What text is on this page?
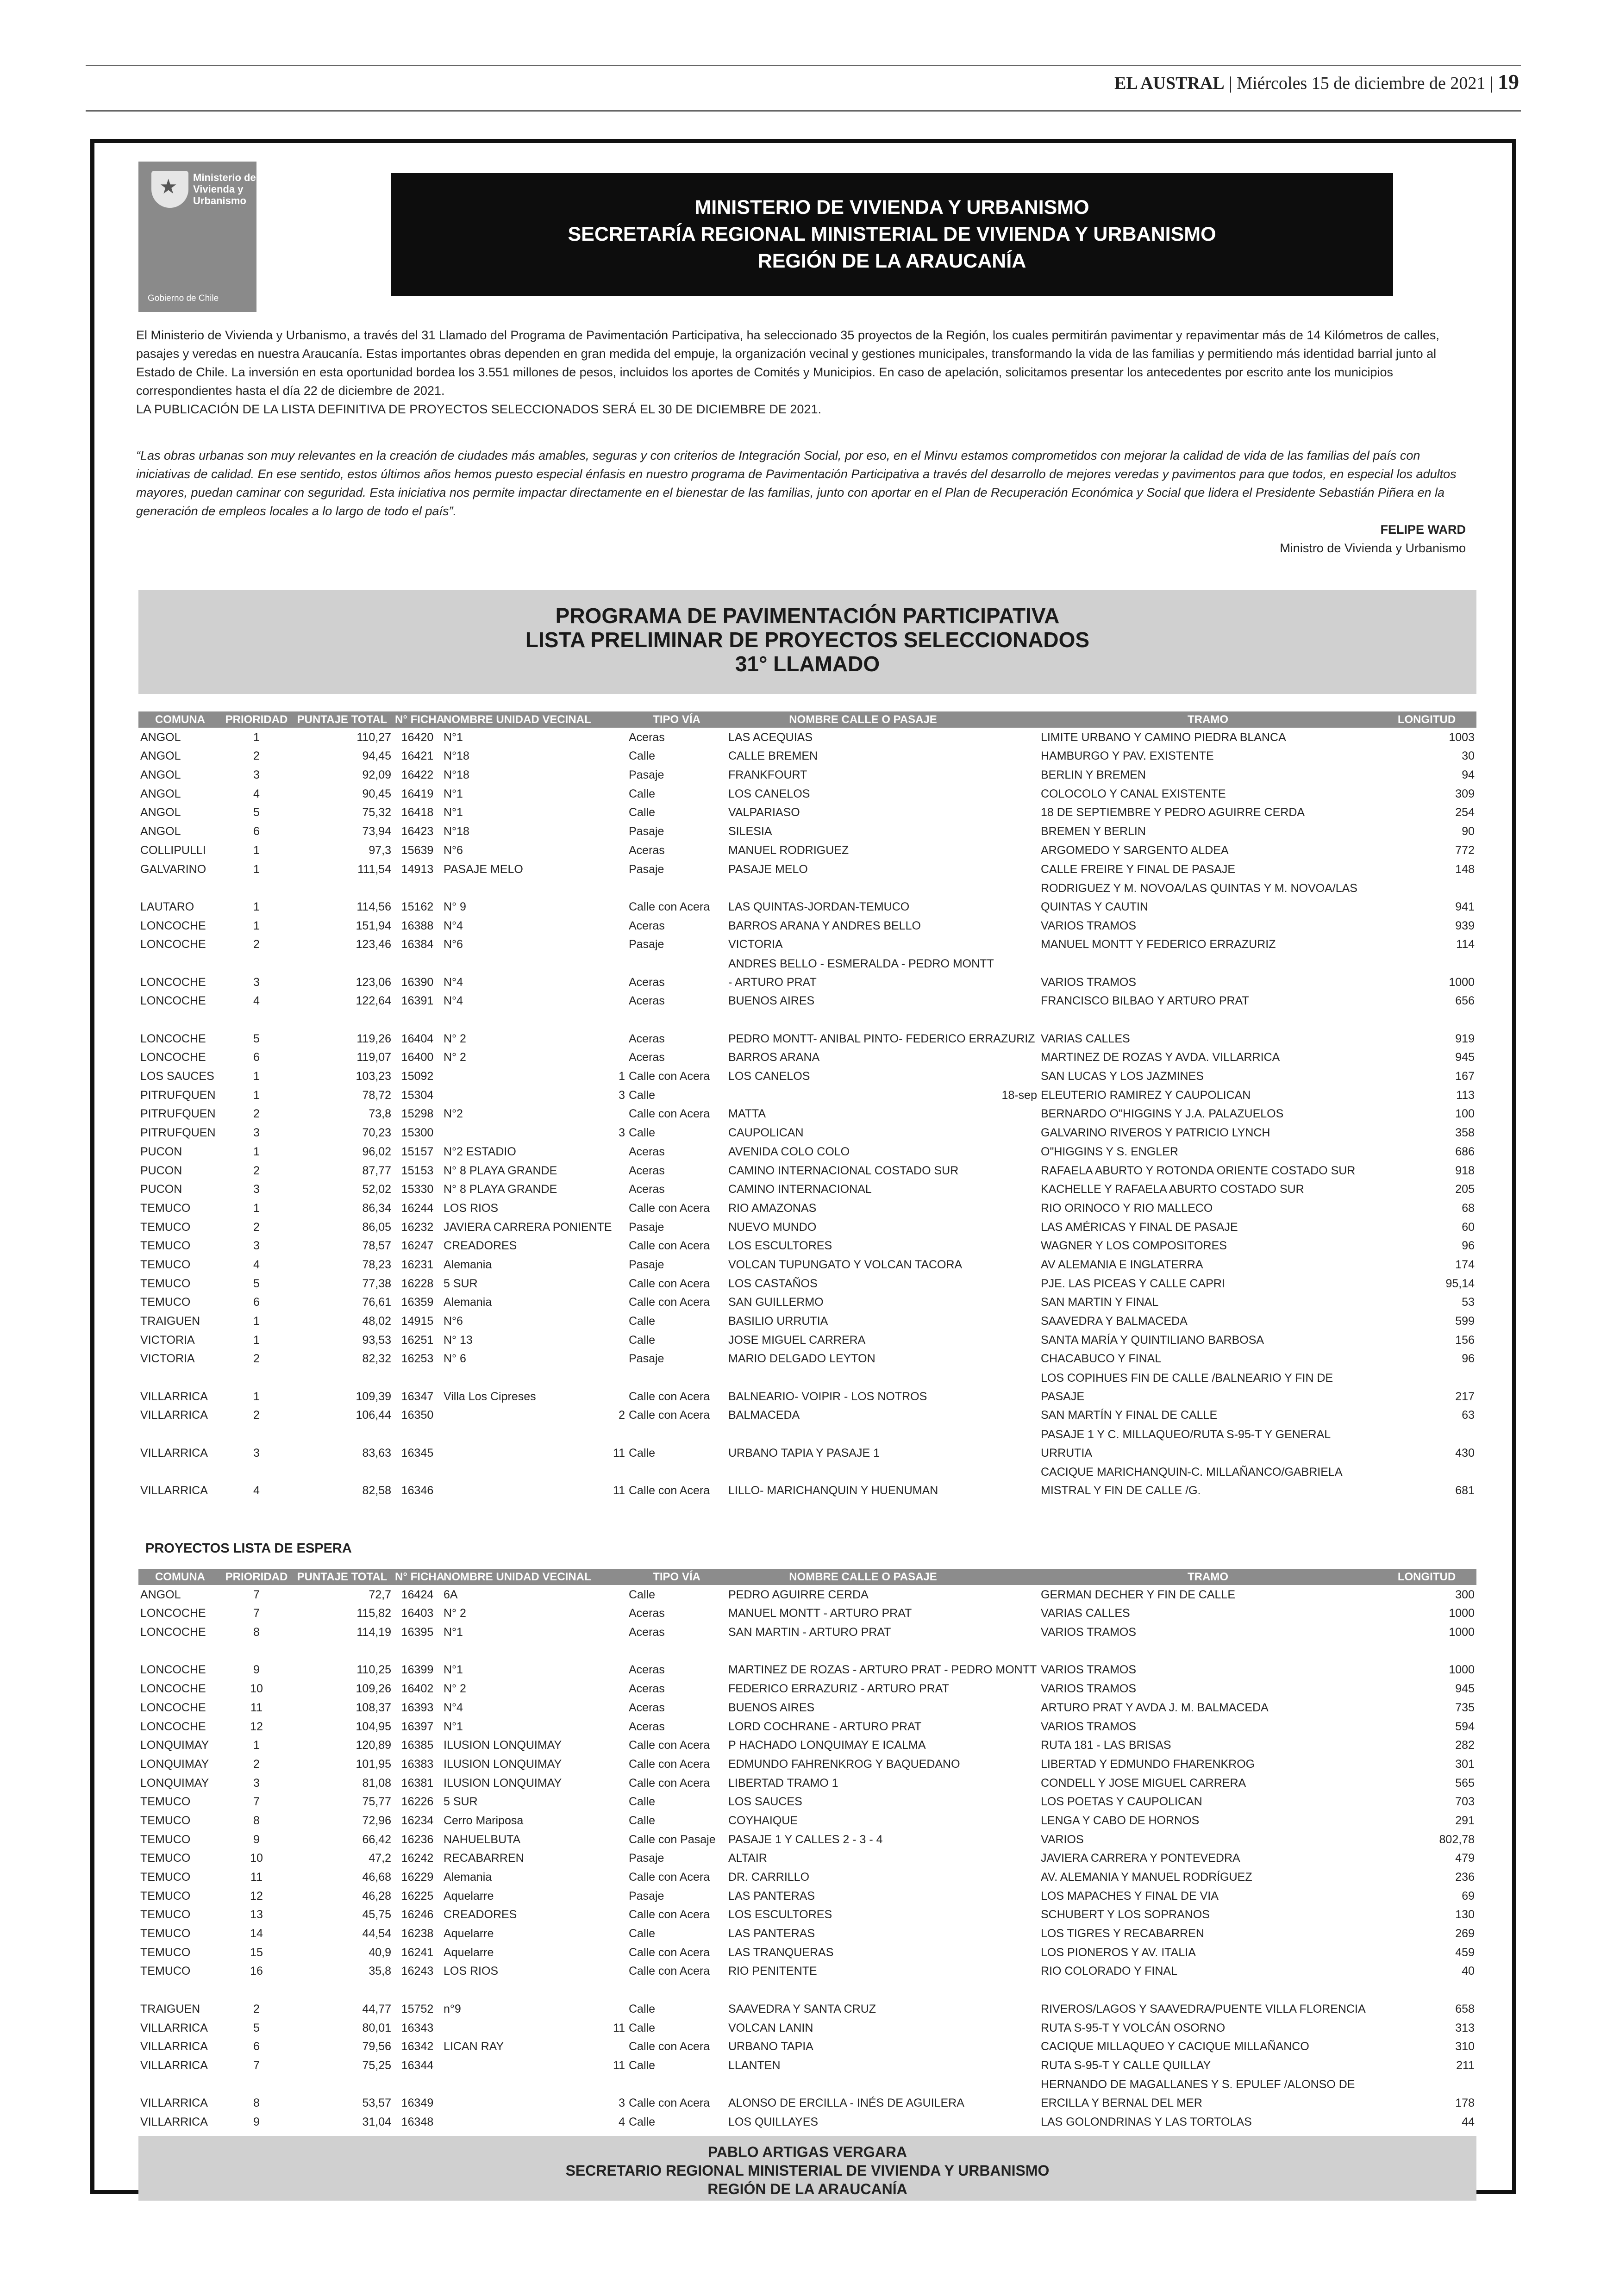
EL AUSTRAL | Miércoles 15 de diciembre de 2021 | 19
★ Ministerio de
Vivienda y
Urbanismo
Gobierno de Chile
MINISTERIO DE VIVIENDA Y URBANISMO
SECRETARÍA REGIONAL MINISTERIAL DE VIVIENDA Y URBANISMO
REGIÓN DE LA ARAUCANÍA
El Ministerio de Vivienda y Urbanismo, a través del 31 Llamado del Programa de Pavimentación Participativa, ha seleccionado 35 proyectos de la Región, los cuales permitirán pavimentar y repavimentar más de 14 Kilómetros de calles, pasajes y veredas en nuestra Araucanía. Estas importantes obras dependen en gran medida del empuje, la organización vecinal y gestiones municipales, transformando la vida de las familias y permitiendo más identidad barrial junto al Estado de Chile. La inversión en esta oportunidad bordea los 3.551 millones de pesos, incluidos los aportes de Comités y Municipios. En caso de apelación, solicitamos presentar los antecedentes por escrito ante los municipios correspondientes hasta el día 22 de diciembre de 2021.
LA PUBLICACIÓN DE LA LISTA DEFINITIVA DE PROYECTOS SELECCIONADOS SERÁ EL 30 DE DICIEMBRE DE 2021.
“Las obras urbanas son muy relevantes en la creación de ciudades más amables, seguras y con criterios de Integración Social, por eso, en el Minvu estamos comprometidos con mejorar la calidad de vida de las familias del país con iniciativas de calidad. En ese sentido, estos últimos años hemos puesto especial énfasis en nuestro programa de Pavimentación Participativa a través del desarrollo de mejores veredas y pavimentos para que todos, en especial los adultos mayores, puedan caminar con seguridad. Esta iniciativa nos permite impactar directamente en el bienestar de las familias, junto con aportar en el Plan de Recuperación Económica y Social que lidera el Presidente Sebastián Piñera en la generación de empleos locales a lo largo de todo el país”.
FELIPE WARD
Ministro de Vivienda y Urbanismo
PROGRAMA DE PAVIMENTACIÓN PARTICIPATIVA
LISTA PRELIMINAR DE PROYECTOS SELECCIONADOS
31° LLAMADO
COMUNA	PRIORIDAD	PUNTAJE TOTAL	N° FICHA	NOMBRE UNIDAD VECINAL		TIPO VÍA	NOMBRE CALLE O PASAJE		TRAMO	LONGITUD
ANGOL	1	110,27	16420	N°1		Aceras	LAS ACEQUIAS		LIMITE URBANO Y CAMINO PIEDRA BLANCA	1003
ANGOL	2	94,45	16421	N°18		Calle	CALLE BREMEN		HAMBURGO Y PAV. EXISTENTE	30
ANGOL	3	92,09	16422	N°18		Pasaje	FRANKFOURT		BERLIN Y BREMEN	94
ANGOL	4	90,45	16419	N°1		Calle	LOS CANELOS		COLOCOLO Y CANAL EXISTENTE	309
ANGOL	5	75,32	16418	N°1		Calle	VALPARIASO		18 DE SEPTIEMBRE Y PEDRO AGUIRRE CERDA	254
ANGOL	6	73,94	16423	N°18		Pasaje	SILESIA		BREMEN Y BERLIN	90
COLLIPULLI	1	97,3	15639	N°6		Aceras	MANUEL RODRIGUEZ		ARGOMEDO Y SARGENTO ALDEA	772
GALVARINO	1	111,54	14913	PASAJE MELO		Pasaje	PASAJE MELO		CALLE FREIRE Y FINAL DE PASAJE	148
LAUTARO	1	114,56	15162	N° 9		Calle con Acera	LAS QUINTAS-JORDAN-TEMUCO		RODRIGUEZ Y M. NOVOA/LAS QUINTAS Y M. NOVOA/LAS QUINTAS Y CAUTIN	941
LONCOCHE	1	151,94	16388	N°4		Aceras	BARROS ARANA Y ANDRES BELLO		VARIOS TRAMOS	939
LONCOCHE	2	123,46	16384	N°6		Pasaje	VICTORIA		MANUEL MONTT Y FEDERICO ERRAZURIZ	114
LONCOCHE	3	123,06	16390	N°4		Aceras	ANDRES BELLO - ESMERALDA - PEDRO MONTT - ARTURO PRAT		VARIOS TRAMOS	1000
LONCOCHE	4	122,64	16391	N°4		Aceras	BUENOS AIRES		FRANCISCO BILBAO Y ARTURO PRAT	656

LONCOCHE	5	119,26	16404	N° 2		Aceras	PEDRO MONTT- ANIBAL PINTO- FEDERICO ERRAZURIZ		VARIAS CALLES	919
LONCOCHE	6	119,07	16400	N° 2		Aceras	BARROS ARANA		MARTINEZ DE ROZAS Y AVDA. VILLARRICA	945
LOS SAUCES	1	103,23	15092		1	Calle con Acera	LOS CANELOS		SAN LUCAS Y LOS JAZMINES	167
PITRUFQUEN	1	78,72	15304		3	Calle		18-sep	ELEUTERIO RAMIREZ Y CAUPOLICAN	113
PITRUFQUEN	2	73,8	15298	N°2		Calle con Acera	MATTA		BERNARDO O"HIGGINS Y J.A. PALAZUELOS	100
PITRUFQUEN	3	70,23	15300		3	Calle	CAUPOLICAN		GALVARINO RIVEROS Y PATRICIO LYNCH	358
PUCON	1	96,02	15157	N°2 ESTADIO		Aceras	AVENIDA COLO COLO		O"HIGGINS Y S. ENGLER	686
PUCON	2	87,77	15153	N° 8 PLAYA GRANDE		Aceras	CAMINO INTERNACIONAL COSTADO SUR		RAFAELA ABURTO Y ROTONDA ORIENTE COSTADO SUR	918
PUCON	3	52,02	15330	N° 8 PLAYA GRANDE		Aceras	CAMINO INTERNACIONAL		KACHELLE Y RAFAELA ABURTO COSTADO SUR	205
TEMUCO	1	86,34	16244	LOS RIOS		Calle con Acera	RIO AMAZONAS		RIO ORINOCO Y RIO MALLECO	68
TEMUCO	2	86,05	16232	JAVIERA CARRERA PONIENTE		Pasaje	NUEVO MUNDO		LAS AMÉRICAS Y FINAL DE PASAJE	60
TEMUCO	3	78,57	16247	CREADORES		Calle con Acera	LOS ESCULTORES		WAGNER Y LOS COMPOSITORES	96
TEMUCO	4	78,23	16231	Alemania		Pasaje	VOLCAN TUPUNGATO Y VOLCAN TACORA		AV ALEMANIA E INGLATERRA	174
TEMUCO	5	77,38	16228	5 SUR		Calle con Acera	LOS CASTAÑOS		PJE. LAS PICEAS Y CALLE CAPRI	95,14
TEMUCO	6	76,61	16359	Alemania		Calle con Acera	SAN GUILLERMO		SAN MARTIN Y FINAL	53
TRAIGUEN	1	48,02	14915	N°6		Calle	BASILIO URRUTIA		SAAVEDRA Y BALMACEDA	599
VICTORIA	1	93,53	16251	N° 13		Calle	JOSE MIGUEL CARRERA		SANTA MARÍA Y QUINTILIANO BARBOSA	156
VICTORIA	2	82,32	16253	N° 6		Pasaje	MARIO DELGADO LEYTON		CHACABUCO Y FINAL	96
VILLARRICA	1	109,39	16347	Villa Los Cipreses		Calle con Acera	BALNEARIO- VOIPIR - LOS NOTROS		LOS COPIHUES FIN DE CALLE /BALNEARIO Y FIN DE PASAJE	217
VILLARRICA	2	106,44	16350		2	Calle con Acera	BALMACEDA		SAN MARTÍN Y FINAL DE CALLE	63
VILLARRICA	3	83,63	16345		11	Calle	URBANO TAPIA Y PASAJE 1		PASAJE 1 Y C. MILLAQUEO/RUTA S-95-T Y GENERAL URRUTIA	430
VILLARRICA	4	82,58	16346		11	Calle con Acera	LILLO- MARICHANQUIN Y HUENUMAN		CACIQUE MARICHANQUIN-C. MILLAÑANCO/GABRIELA MISTRAL Y FIN DE CALLE /G.	681
PROYECTOS LISTA DE ESPERA
COMUNA	PRIORIDAD	PUNTAJE TOTAL	N° FICHA	NOMBRE UNIDAD VECINAL		TIPO VÍA	NOMBRE CALLE O PASAJE		TRAMO	LONGITUD
ANGOL	7	72,7	16424	6A		Calle	PEDRO AGUIRRE CERDA		GERMAN DECHER Y FIN DE CALLE	300
LONCOCHE	7	115,82	16403	N° 2		Aceras	MANUEL MONTT - ARTURO PRAT		VARIAS CALLES	1000
LONCOCHE	8	114,19	16395	N°1		Aceras	SAN MARTIN - ARTURO PRAT		VARIOS TRAMOS	1000

LONCOCHE	9	110,25	16399	N°1		Aceras	MARTINEZ DE ROZAS - ARTURO PRAT - PEDRO MONTT		VARIOS TRAMOS	1000
LONCOCHE	10	109,26	16402	N° 2		Aceras	FEDERICO ERRAZURIZ - ARTURO PRAT		VARIOS TRAMOS	945
LONCOCHE	11	108,37	16393	N°4		Aceras	BUENOS AIRES		ARTURO PRAT Y AVDA J. M. BALMACEDA	735
LONCOCHE	12	104,95	16397	N°1		Aceras	LORD COCHRANE - ARTURO PRAT		VARIOS TRAMOS	594
LONQUIMAY	1	120,89	16385	ILUSION LONQUIMAY		Calle con Acera	P HACHADO LONQUIMAY E ICALMA		RUTA 181 - LAS BRISAS	282
LONQUIMAY	2	101,95	16383	ILUSION LONQUIMAY		Calle con Acera	EDMUNDO FAHRENKROG Y BAQUEDANO		LIBERTAD Y EDMUNDO FHARENKROG	301
LONQUIMAY	3	81,08	16381	ILUSION LONQUIMAY		Calle con Acera	LIBERTAD TRAMO 1		CONDELL Y JOSE MIGUEL CARRERA	565
TEMUCO	7	75,77	16226	5 SUR		Calle	LOS SAUCES		LOS POETAS Y CAUPOLICAN	703
TEMUCO	8	72,96	16234	Cerro Mariposa		Calle	COYHAIQUE		LENGA Y CABO DE HORNOS	291
TEMUCO	9	66,42	16236	NAHUELBUTA		Calle con Pasaje	PASAJE 1 Y CALLES 2 - 3 - 4		VARIOS	802,78
TEMUCO	10	47,2	16242	RECABARREN		Pasaje	ALTAIR		JAVIERA CARRERA Y PONTEVEDRA	479
TEMUCO	11	46,68	16229	Alemania		Calle con Acera	DR. CARRILLO		AV. ALEMANIA Y MANUEL RODRÍGUEZ	236
TEMUCO	12	46,28	16225	Aquelarre		Pasaje	LAS PANTERAS		LOS MAPACHES Y FINAL DE VIA	69
TEMUCO	13	45,75	16246	CREADORES		Calle con Acera	LOS ESCULTORES		SCHUBERT Y LOS SOPRANOS	130
TEMUCO	14	44,54	16238	Aquelarre		Calle	LAS PANTERAS		LOS TIGRES Y RECABARREN	269
TEMUCO	15	40,9	16241	Aquelarre		Calle con Acera	LAS TRANQUERAS		LOS PIONEROS Y AV. ITALIA	459
TEMUCO	16	35,8	16243	LOS RIOS		Calle con Acera	RIO PENITENTE		RIO COLORADO Y FINAL	40
TRAIGUEN	2	44,77	15752	n°9		Calle	SAAVEDRA Y SANTA CRUZ		RIVEROS/LAGOS Y SAAVEDRA/PUENTE VILLA FLORENCIA	658
VILLARRICA	5	80,01	16343		11	Calle	VOLCAN LANIN		RUTA S-95-T Y VOLCÁN OSORNO	313
VILLARRICA	6	79,56	16342	LICAN RAY		Calle con Acera	URBANO TAPIA		CACIQUE MILLAQUEO Y CACIQUE MILLAÑANCO	310
VILLARRICA	7	75,25	16344		11	Calle	LLANTEN		RUTA S-95-T Y CALLE QUILLAY	211
VILLARRICA	8	53,57	16349		3	Calle con Acera	ALONSO DE ERCILLA - INÉS DE AGUILERA		HERNANDO DE MAGALLANES Y S. EPULEF /ALONSO DE ERCILLA Y BERNAL DEL MER	178
VILLARRICA	9	31,04	16348		4	Calle	LOS QUILLAYES		LAS GOLONDRINAS Y LAS TORTOLAS	44
PABLO ARTIGAS VERGARA
SECRETARIO REGIONAL MINISTERIAL DE VIVIENDA Y URBANISMO
REGIÓN DE LA ARAUCANÍA
